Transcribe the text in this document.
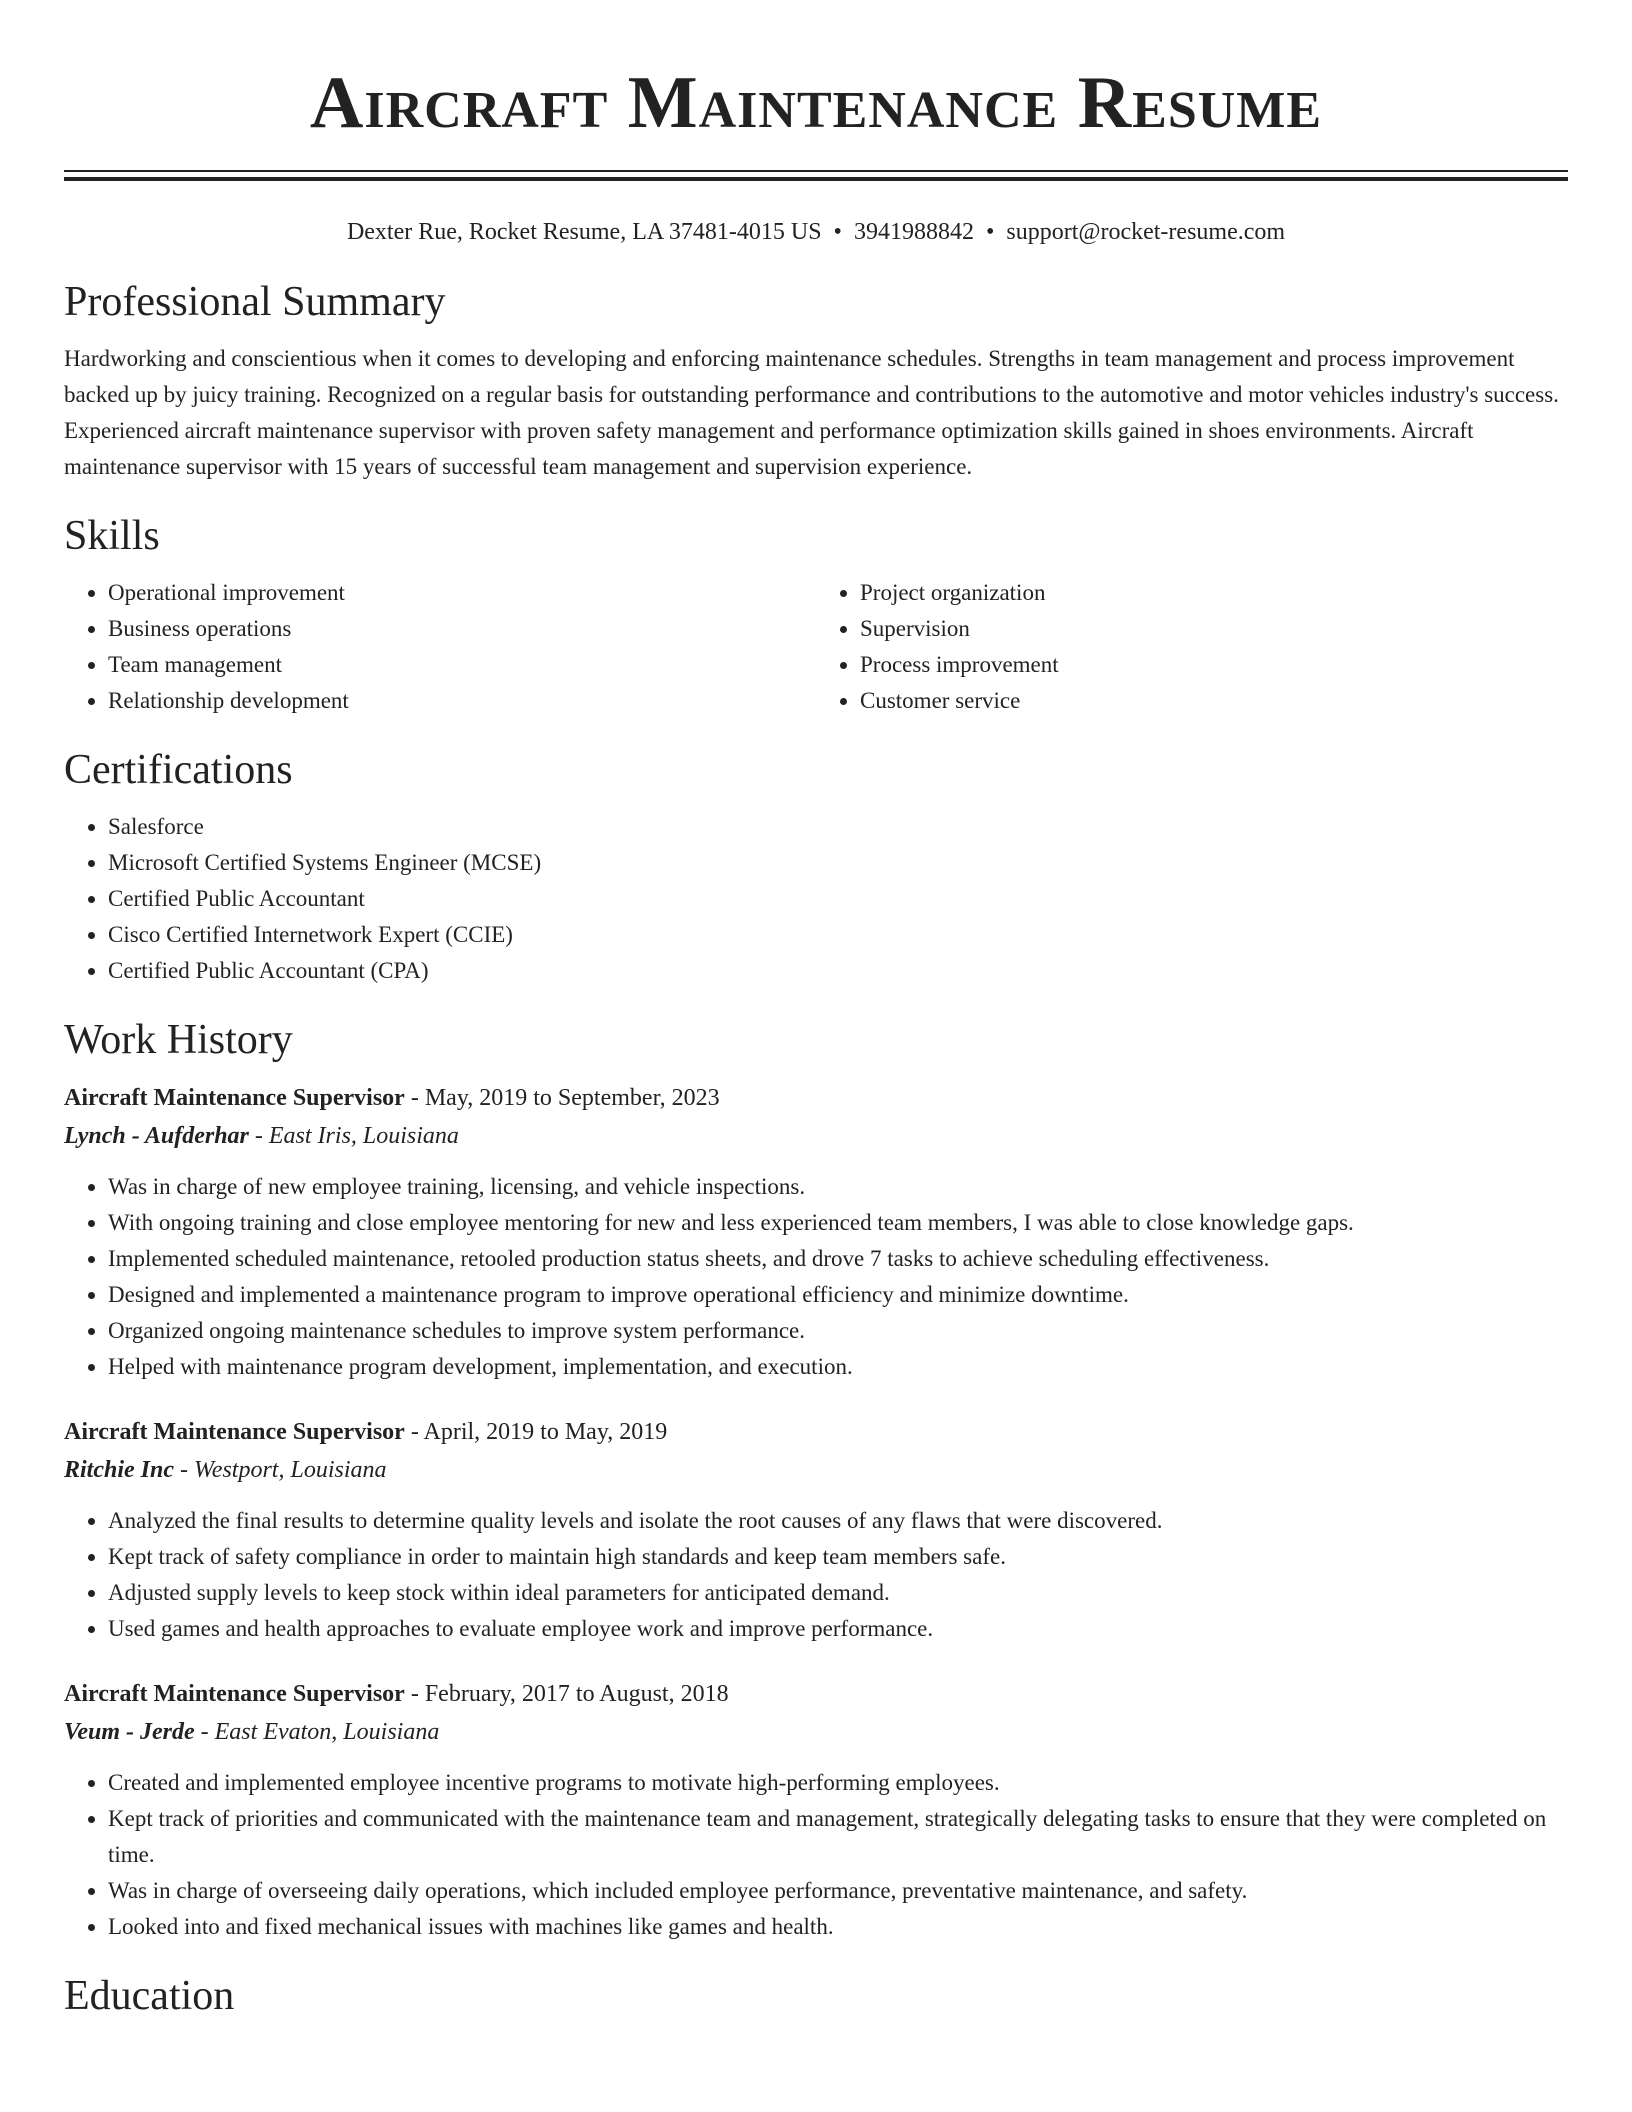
Aircraft Maintenance Resume
Dexter Rue, Rocket Resume, LA 37481-4015 US • 3941988842 • support@rocket-resume.com
Professional Summary

Hardworking and conscientious when it comes to developing and enforcing maintenance schedules. Strengths in team management and process improvement backed up by juicy training. Recognized on a regular basis for outstanding performance and contributions to the automotive and motor vehicles industry's success. Experienced aircraft maintenance supervisor with proven safety management and performance optimization skills gained in shoes environments. Aircraft maintenance supervisor with 15 years of successful team management and supervision experience.

Skills
• Operational improvement
• Business operations
• Team management
• Relationship development
• Project organization
• Supervision
• Process improvement
• Customer service
Certifications
• Salesforce
• Microsoft Certified Systems Engineer (MCSE)
• Certified Public Accountant
• Cisco Certified Internetwork Expert (CCIE)
• Certified Public Accountant (CPA)
Work History

Aircraft Maintenance Supervisor - May, 2019 to September, 2023

Lynch - Aufderhar - East Iris, Louisiana

• Was in charge of new employee training, licensing, and vehicle inspections.
• With ongoing training and close employee mentoring for new and less experienced team members, I was able to close knowledge gaps.
• Implemented scheduled maintenance, retooled production status sheets, and drove 7 tasks to achieve scheduling effectiveness.
• Designed and implemented a maintenance program to improve operational efficiency and minimize downtime.
• Organized ongoing maintenance schedules to improve system performance.
• Helped with maintenance program development, implementation, and execution.

Aircraft Maintenance Supervisor - April, 2019 to May, 2019

Ritchie Inc - Westport, Louisiana

• Analyzed the final results to determine quality levels and isolate the root causes of any flaws that were discovered.
• Kept track of safety compliance in order to maintain high standards and keep team members safe.
• Adjusted supply levels to keep stock within ideal parameters for anticipated demand.
• Used games and health approaches to evaluate employee work and improve performance.

Aircraft Maintenance Supervisor - February, 2017 to August, 2018

Veum - Jerde - East Evaton, Louisiana

• Created and implemented employee incentive programs to motivate high-performing employees.
• Kept track of priorities and communicated with the maintenance team and management, strategically delegating tasks to ensure that they were completed on time.
• Was in charge of overseeing daily operations, which included employee performance, preventative maintenance, and safety.
• Looked into and fixed mechanical issues with machines like games and health.
Education
